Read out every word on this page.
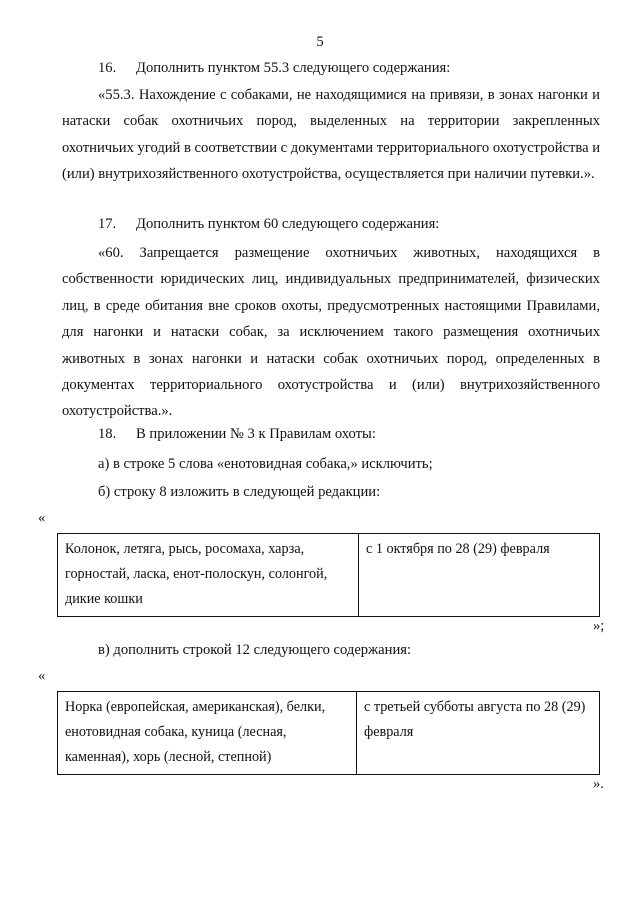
5
16. Дополнить пунктом 55.3 следующего содержания:
«55.3. Нахождение с собаками, не находящимися на привязи, в зонах нагонки и натаски собак охотничьих пород, выделенных на территории закрепленных охотничьих угодий в соответствии с документами территориального охотустройства и (или) внутрихозяйственного охотустройства, осуществляется при наличии путевки.».
17. Дополнить пунктом 60 следующего содержания:
«60. Запрещается размещение охотничьих животных, находящихся в собственности юридических лиц, индивидуальных предпринимателей, физических лиц, в среде обитания вне сроков охоты, предусмотренных настоящими Правилами, для нагонки и натаски собак, за исключением такого размещения охотничьих животных в зонах нагонки и натаски собак охотничьих пород, определенных в документах территориального охотустройства и (или) внутрихозяйственного охотустройства.».
18. В приложении № 3 к Правилам охоты:
а) в строке 5 слова «енотовидная собака,» исключить;
б) строку 8 изложить в следующей редакции:
«
Колонок, летяга, рысь, росомаха, харза, горностай, ласка, енот-полоскун, солонгой, дикие кошки	с 1 октября по 28 (29) февраля
»;
в) дополнить строкой 12 следующего содержания:
«
Норка (европейская, американская), белки, енотовидная собака, куница (лесная, каменная), хорь (лесной, степной)	с третьей субботы августа по 28 (29) февраля
».
